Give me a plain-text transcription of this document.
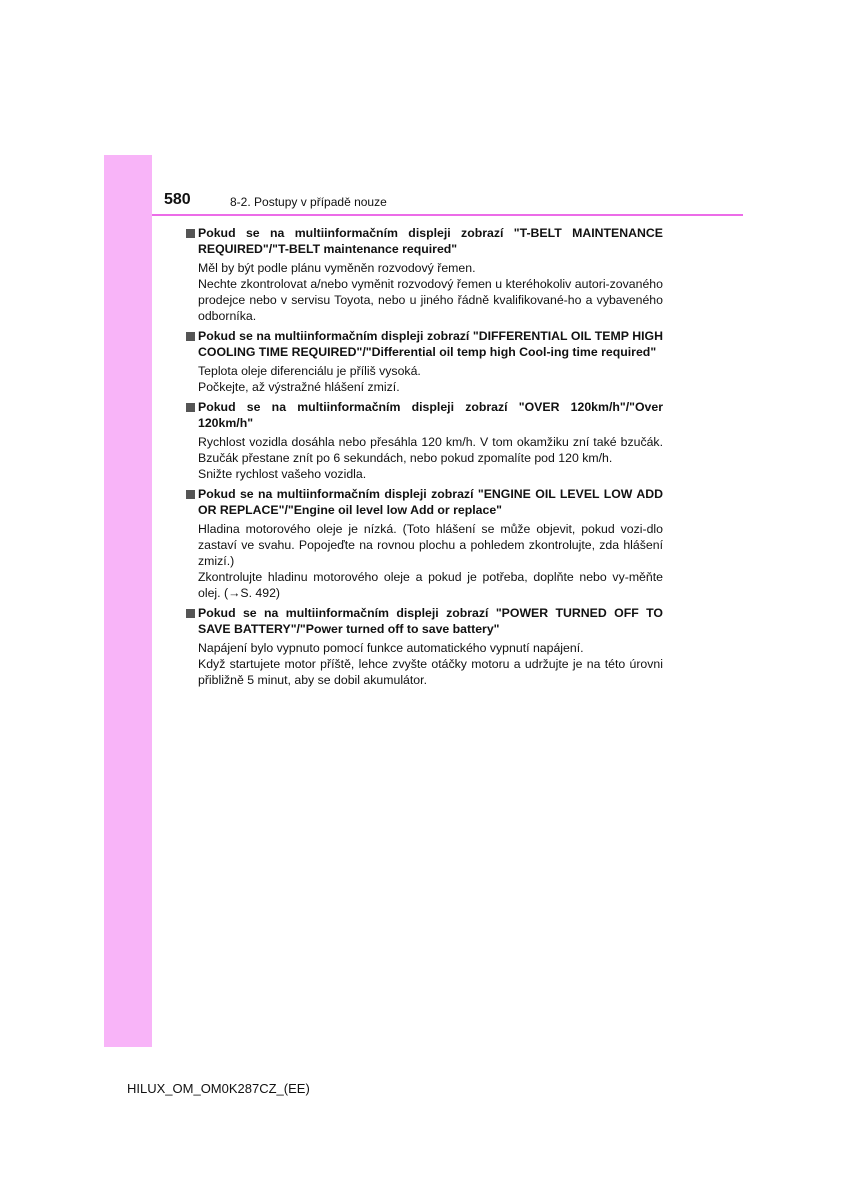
580	8-2. Postupy v případě nouze
Pokud se na multiinformačním displeji zobrazí "T-BELT MAINTENANCE REQUIRED"/"T-BELT maintenance required"

Měl by být podle plánu vyměněn rozvodový řemen.

Nechte zkontrolovat a/nebo vyměnit rozvodový řemen u kteréhokoliv autori-zovaného prodejce nebo v servisu Toyota, nebo u jiného řádně kvalifikované-ho a vybaveného odborníka.

Pokud se na multiinformačním displeji zobrazí "DIFFERENTIAL OIL TEMP HIGH COOLING TIME REQUIRED"/"Differential oil temp high Cool-ing time required"

Teplota oleje diferenciálu je příliš vysoká.

Počkejte, až výstražné hlášení zmizí.

Pokud se na multiinformačním displeji zobrazí "OVER 120km/h"/"Over 120km/h"

Rychlost vozidla dosáhla nebo přesáhla 120 km/h. V tom okamžiku zní také bzučák. Bzučák přestane znít po 6 sekundách, nebo pokud zpomalíte pod 120 km/h.

Snižte rychlost vašeho vozidla.

Pokud se na multiinformačním displeji zobrazí "ENGINE OIL LEVEL LOW ADD OR REPLACE"/"Engine oil level low Add or replace"

Hladina motorového oleje je nízká. (Toto hlášení se může objevit, pokud vozi-dlo zastaví ve svahu. Popojeďte na rovnou plochu a pohledem zkontrolujte, zda hlášení zmizí.)

Zkontrolujte hladinu motorového oleje a pokud je potřeba, doplňte nebo vy-měňte olej. (→S. 492)

Pokud se na multiinformačním displeji zobrazí "POWER TURNED OFF TO SAVE BATTERY"/"Power turned off to save battery"

Napájení bylo vypnuto pomocí funkce automatického vypnutí napájení.

Když startujete motor příště, lehce zvyšte otáčky motoru a udržujte je na této úrovni přibližně 5 minut, aby se dobil akumulátor.

HILUX_OM_OM0K287CZ_(EE)
